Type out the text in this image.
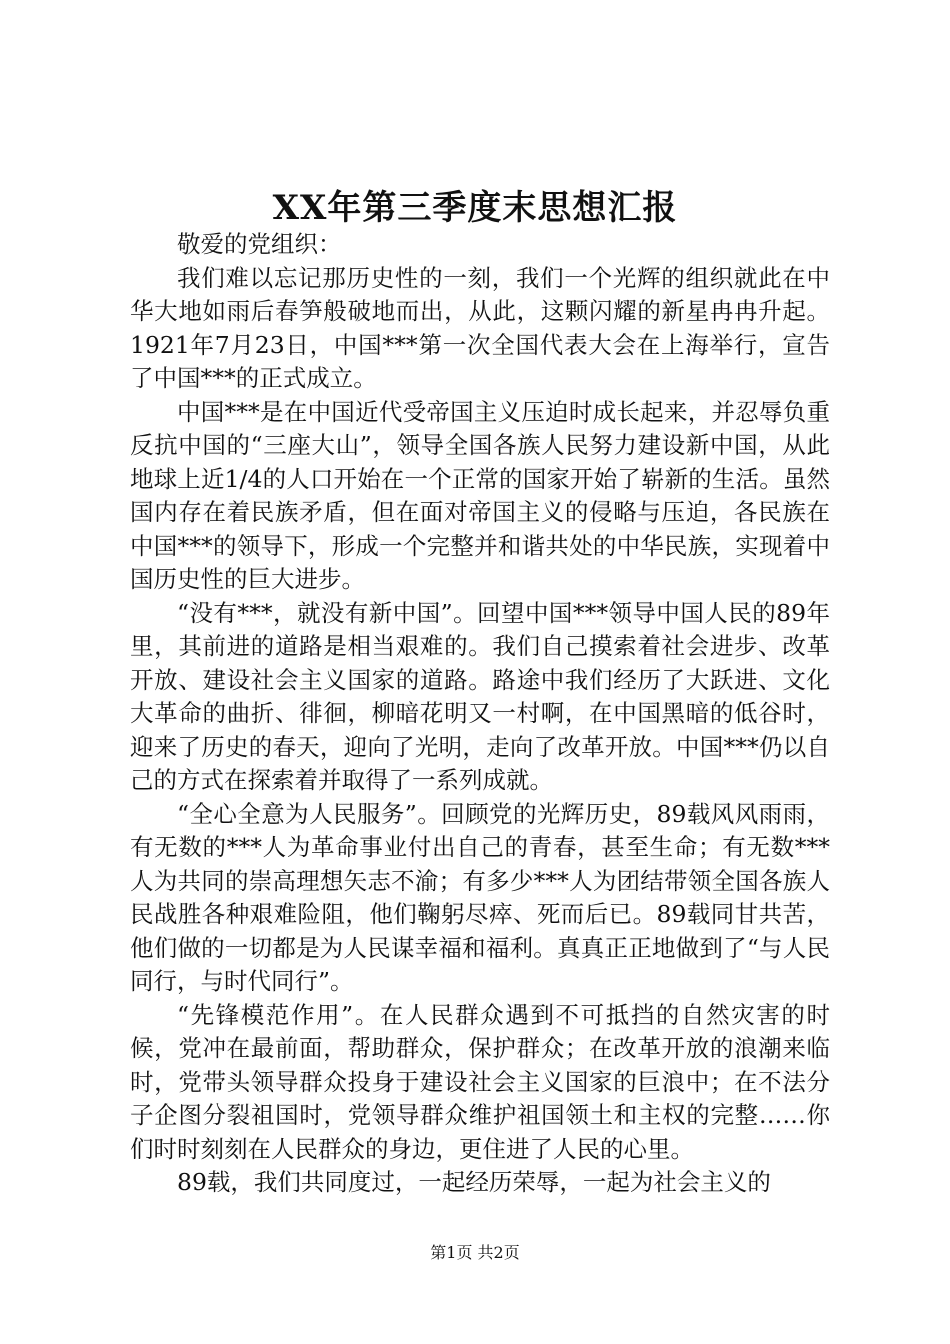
XX年第三季度末思想汇报

敬爱的党组织：

我们难以忘记那历史性的一刻，我们一个光辉的组织就此在中华大地如雨后春笋般破地而出，从此，这颗闪耀的新星冉冉升起。1921年7月23日，中国***第一次全国代表大会在上海举行，宣告了中国***的正式成立。

中国***是在中国近代受帝国主义压迫时成长起来，并忍辱负重反抗中国的“三座大山”，领导全国各族人民努力建设新中国，从此地球上近1/4的人口开始在一个正常的国家开始了崭新的生活。虽然国内存在着民族矛盾，但在面对帝国主义的侵略与压迫，各民族在中国***的领导下，形成一个完整并和谐共处的中华民族，实现着中国历史性的巨大进步。

“没有***，就没有新中国”。回望中国***领导中国人民的89年里，其前进的道路是相当艰难的。我们自己摸索着社会进步、改革开放、建设社会主义国家的道路。路途中我们经历了大跃进、文化大革命的曲折、徘徊，柳暗花明又一村啊，在中国黑暗的低谷时，迎来了历史的春天，迎向了光明，走向了改革开放。中国***仍以自己的方式在探索着并取得了一系列成就。

“全心全意为人民服务”。回顾党的光辉历史，89载风风雨雨，有无数的***人为革命事业付出自己的青春，甚至生命；有无数***人为共同的崇高理想矢志不渝；有多少***人为团结带领全国各族人民战胜各种艰难险阻，他们鞠躬尽瘁、死而后已。89载同甘共苦，他们做的一切都是为人民谋幸福和福利。真真正正地做到了“与人民同行，与时代同行”。

“先锋模范作用”。在人民群众遇到不可抵挡的自然灾害的时候，党冲在最前面，帮助群众，保护群众；在改革开放的浪潮来临时，党带头领导群众投身于建设社会主义国家的巨浪中；在不法分子企图分裂祖国时，党领导群众维护祖国领土和主权的完整……你们时时刻刻在人民群众的身边，更住进了人民的心里。

89载，我们共同度过，一起经历荣辱，一起为社会主义的

第1页 共2页
